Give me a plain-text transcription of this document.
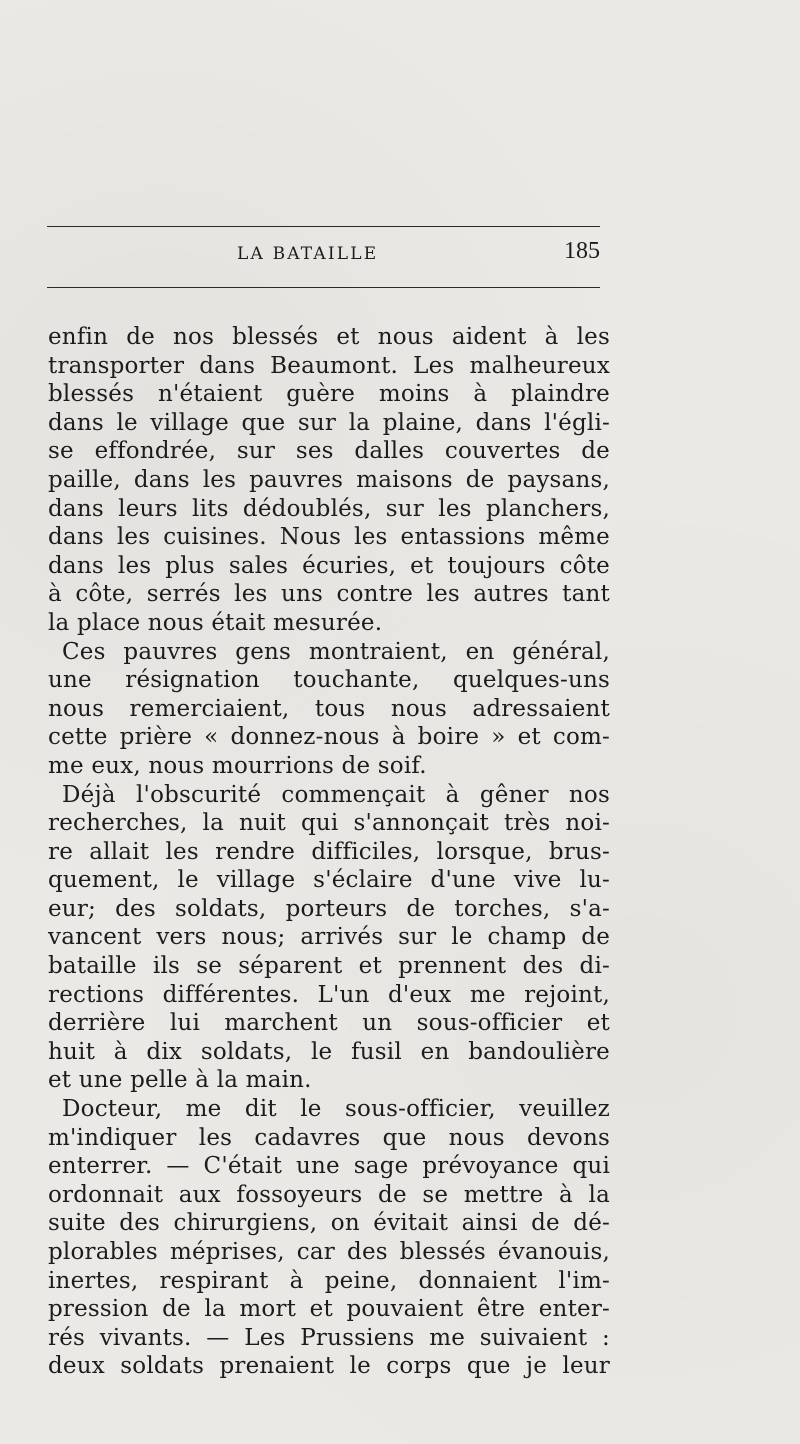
LA BATAILLE	185
enfin de nos blessés et nous aident à les
transporter dans Beaumont. Les malheureux
blessés n'étaient guère moins à plaindre
dans le village que sur la plaine, dans l'égli-
se effondrée, sur ses dalles couvertes de
paille, dans les pauvres maisons de paysans,
dans leurs lits dédoublés, sur les planchers,
dans les cuisines. Nous les entassions même
dans les plus sales écuries, et toujours côte
à côte, serrés les uns contre les autres tant
la place nous était mesurée.
Ces pauvres gens montraient, en général,
une résignation touchante, quelques-uns
nous remerciaient, tous nous adressaient
cette prière « donnez-nous à boire » et com-
me eux, nous mourrions de soif.
Déjà l'obscurité commençait à gêner nos
recherches, la nuit qui s'annonçait très noi-
re allait les rendre difficiles, lorsque, brus-
quement, le village s'éclaire d'une vive lu-
eur; des soldats, porteurs de torches, s'a-
vancent vers nous; arrivés sur le champ de
bataille ils se séparent et prennent des di-
rections différentes. L'un d'eux me rejoint,
derrière lui marchent un sous-officier et
huit à dix soldats, le fusil en bandoulière
et une pelle à la main.
Docteur, me dit le sous-officier, veuillez
m'indiquer les cadavres que nous devons
enterrer. — C'était une sage prévoyance qui
ordonnait aux fossoyeurs de se mettre à la
suite des chirurgiens, on évitait ainsi de dé-
plorables méprises, car des blessés évanouis,
inertes, respirant à peine, donnaient l'im-
pression de la mort et pouvaient être enter-
rés vivants. — Les Prussiens me suivaient :
deux soldats prenaient le corps que je leur
